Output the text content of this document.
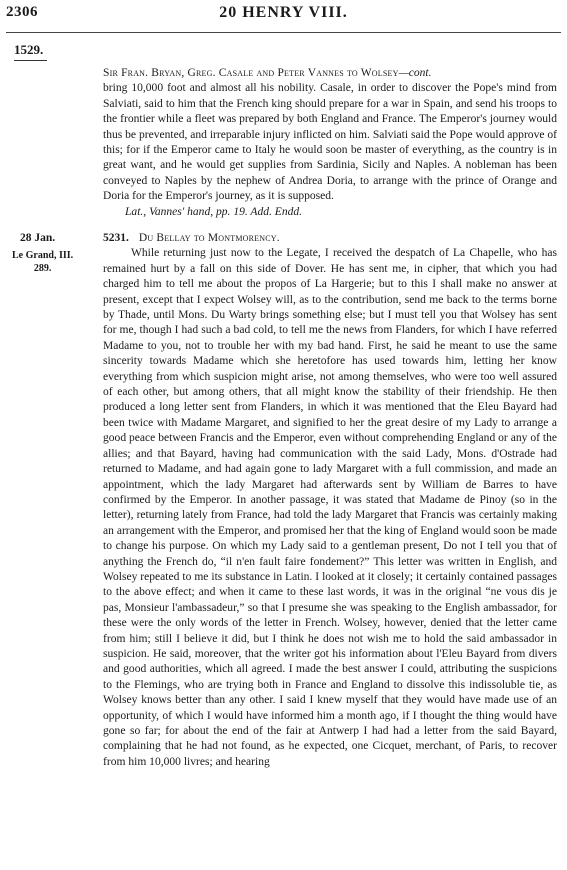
2306	20 HENRY VIII.
1529.
Sir Fran. Bryan, Greg. Casale and Peter Vannes to Wolsey—cont.
bring 10,000 foot and almost all his nobility. Casale, in order to discover the Pope's mind from Salviati, said to him that the French king should prepare for a war in Spain, and send his troops to the frontier while a fleet was prepared by both England and France. The Emperor's journey would thus be prevented, and irreparable injury inflicted on him. Salviati said the Pope would approve of this; for if the Emperor came to Italy he would soon be master of everything, as the country is in great want, and he would get supplies from Sardinia, Sicily and Naples. A nobleman has been conveyed to Naples by the nephew of Andrea Doria, to arrange with the prince of Orange and Doria for the Emperor's journey, as it is supposed.
Lat., Vannes' hand, pp. 19. Add. Endd.
28 Jan.
Le Grand, III.
289.
5231. Du Bellay to Montmorency.
While returning just now to the Legate, I received the despatch of La Chapelle, who has remained hurt by a fall on this side of Dover. He has sent me, in cipher, that which you had charged him to tell me about the propos of La Hargerie; but to this I shall make no answer at present, except that I expect Wolsey will, as to the contribution, send me back to the terms borne by Thade, until Mons. Du Warty brings something else; but I must tell you that Wolsey has sent for me, though I had such a bad cold, to tell me the news from Flanders, for which I have referred Madame to you, not to trouble her with my bad hand. First, he said he meant to use the same sincerity towards Madame which she heretofore has used towards him, letting her know everything from which suspicion might arise, not among themselves, who were too well assured of each other, but among others, that all might know the stability of their friendship. He then produced a long letter sent from Flanders, in which it was mentioned that the Eleu Bayard had been twice with Madame Margaret, and signified to her the great desire of my Lady to arrange a good peace between Francis and the Emperor, even without comprehending England or any of the allies; and that Bayard, having had communication with the said Lady, Mons. d'Ostrade had returned to Madame, and had again gone to lady Margaret with a full commission, and made an appointment, which the lady Margaret had afterwards sent by William de Barres to have confirmed by the Emperor. In another passage, it was stated that Madame de Pinoy (so in the letter), returning lately from France, had told the lady Margaret that Francis was certainly making an arrangement with the Emperor, and promised her that the king of England would soon be made to change his purpose. On which my Lady said to a gentleman present, Do not I tell you that of anything the French do, “il n'en fault faire fondement?” This letter was written in English, and Wolsey repeated to me its substance in Latin. I looked at it closely; it certainly contained passages to the above effect; and when it came to these last words, it was in the original “ne vous dis je pas, Monsieur l'ambassadeur,” so that I presume she was speaking to the English ambassador, for these were the only words of the letter in French. Wolsey, however, denied that the letter came from him; still I believe it did, but I think he does not wish me to hold the said ambassador in suspicion. He said, moreover, that the writer got his information about l'Eleu Bayard from divers and good authorities, which all agreed. I made the best answer I could, attributing the suspicions to the Flemings, who are trying both in France and England to dissolve this indissoluble tie, as Wolsey knows better than any other. I said I knew myself that they would have made use of an opportunity, of which I would have informed him a month ago, if I thought the thing would have gone so far; for about the end of the fair at Antwerp I had had a letter from the said Bayard, complaining that he had not found, as he expected, one Cicquet, merchant, of Paris, to recover from him 10,000 livres; and hearing
